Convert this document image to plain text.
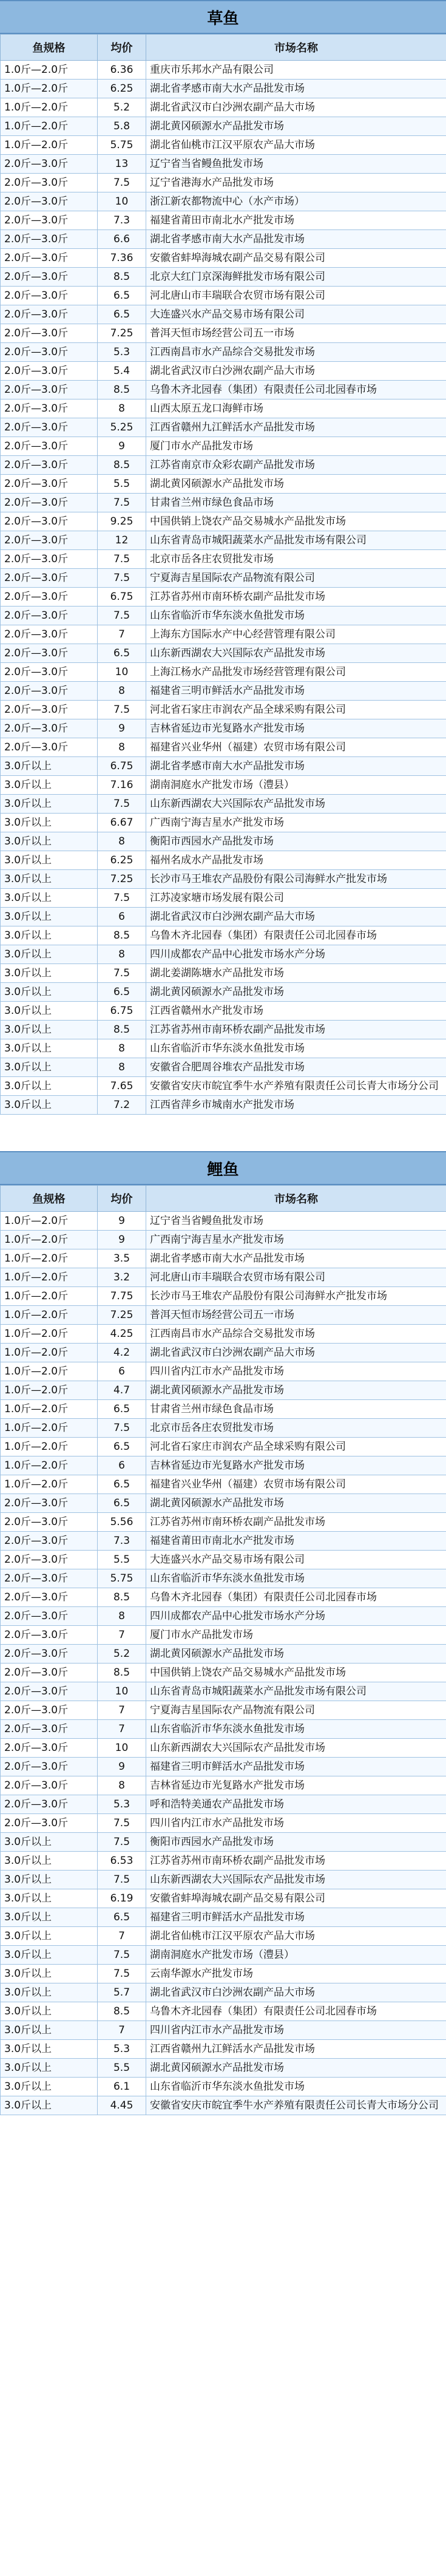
草鱼
鱼规格	均价	市场名称
1.0斤—2.0斤	6.36	重庆市乐邦水产品有限公司
1.0斤—2.0斤	6.25	湖北省孝感市南大水产品批发市场
1.0斤—2.0斤	5.2	湖北省武汉市白沙洲农副产品大市场
1.0斤—2.0斤	5.8	湖北黄冈硕源水产品批发市场
1.0斤—2.0斤	5.75	湖北省仙桃市江汉平原农产品大市场
2.0斤—3.0斤	13	辽宁省当省鳗鱼批发市场
2.0斤—3.0斤	7.5	辽宁省港海水产品批发市场
2.0斤—3.0斤	10	浙江新农都物流中心（水产市场）
2.0斤—3.0斤	7.3	福建省莆田市南北水产批发市场
2.0斤—3.0斤	6.6	湖北省孝感市南大水产品批发市场
2.0斤—3.0斤	7.36	安徽省蚌埠海城农副产品交易有限公司
2.0斤—3.0斤	8.5	北京大红门京深海鲜批发市场有限公司
2.0斤—3.0斤	6.5	河北唐山市丰瑞联合农贸市场有限公司
2.0斤—3.0斤	6.5	大连盛兴水产品交易市场有限公司
2.0斤—3.0斤	7.25	普洱天恒市场经营公司五一市场
2.0斤—3.0斤	5.3	江西南昌市水产品综合交易批发市场
2.0斤—3.0斤	5.4	湖北省武汉市白沙洲农副产品大市场
2.0斤—3.0斤	8.5	乌鲁木齐北园春（集团）有限责任公司北园春市场
2.0斤—3.0斤	8	山西太原五龙口海鲜市场
2.0斤—3.0斤	5.25	江西省赣州九江鲜活水产品批发市场
2.0斤—3.0斤	9	厦门市水产品批发市场
2.0斤—3.0斤	8.5	江苏省南京市众彩农副产品批发市场
2.0斤—3.0斤	5.5	湖北黄冈硕源水产品批发市场
2.0斤—3.0斤	7.5	甘肃省兰州市绿色食品市场
2.0斤—3.0斤	9.25	中国供销上饶农产品交易城水产品批发市场
2.0斤—3.0斤	12	山东省青岛市城阳蔬菜水产品批发市场有限公司
2.0斤—3.0斤	7.5	北京市岳各庄农贸批发市场
2.0斤—3.0斤	7.5	宁夏海吉星国际农产品物流有限公司
2.0斤—3.0斤	6.75	江苏省苏州市南环桥农副产品批发市场
2.0斤—3.0斤	7.5	山东省临沂市华东淡水鱼批发市场
2.0斤—3.0斤	7	上海东方国际水产中心经营管理有限公司
2.0斤—3.0斤	6.5	山东新西湖农大兴国际农产品批发市场
2.0斤—3.0斤	10	上海江杨水产品批发市场经营管理有限公司
2.0斤—3.0斤	8	福建省三明市鲜活水产品批发市场
2.0斤—3.0斤	7.5	河北省石家庄市润农产品全球采购有限公司
2.0斤—3.0斤	9	吉林省延边市光复路水产批发市场
2.0斤—3.0斤	8	福建省兴业华州（福建）农贸市场有限公司
3.0斤以上	6.75	湖北省孝感市南大水产品批发市场
3.0斤以上	7.16	湖南洞庭水产批发市场（澧县）
3.0斤以上	7.5	山东新西湖农大兴国际农产品批发市场
3.0斤以上	6.67	广西南宁海吉星水产批发市场
3.0斤以上	8	衡阳市西园水产品批发市场
3.0斤以上	6.25	福州名成水产品批发市场
3.0斤以上	7.25	长沙市马王堆农产品股份有限公司海鲜水产批发市场
3.0斤以上	7.5	江苏凌家塘市场发展有限公司
3.0斤以上	6	湖北省武汉市白沙洲农副产品大市场
3.0斤以上	8.5	乌鲁木齐北园春（集团）有限责任公司北园春市场
3.0斤以上	8	四川成都农产品中心批发市场水产分场
3.0斤以上	7.5	湖北姜湖陈塘水产品批发市场
3.0斤以上	6.5	湖北黄冈硕源水产品批发市场
3.0斤以上	6.75	江西省赣州水产批发市场
3.0斤以上	8.5	江苏省苏州市南环桥农副产品批发市场
3.0斤以上	8	山东省临沂市华东淡水鱼批发市场
3.0斤以上	8	安徽省合肥周谷堆农产品批发市场
3.0斤以上	7.65	安徽省安庆市皖宜季牛水产养殖有限责任公司长青大市场分公司
3.0斤以上	7.2	江西省萍乡市城南水产批发市场
鲤鱼
鱼规格	均价	市场名称
1.0斤—2.0斤	9	辽宁省当省鳗鱼批发市场
1.0斤—2.0斤	9	广西南宁海吉星水产批发市场
1.0斤—2.0斤	3.5	湖北省孝感市南大水产品批发市场
1.0斤—2.0斤	3.2	河北唐山市丰瑞联合农贸市场有限公司
1.0斤—2.0斤	7.75	长沙市马王堆农产品股份有限公司海鲜水产批发市场
1.0斤—2.0斤	7.25	普洱天恒市场经营公司五一市场
1.0斤—2.0斤	4.25	江西南昌市水产品综合交易批发市场
1.0斤—2.0斤	4.2	湖北省武汉市白沙洲农副产品大市场
1.0斤—2.0斤	6	四川省内江市水产品批发市场
1.0斤—2.0斤	4.7	湖北黄冈硕源水产品批发市场
1.0斤—2.0斤	6.5	甘肃省兰州市绿色食品市场
1.0斤—2.0斤	7.5	北京市岳各庄农贸批发市场
1.0斤—2.0斤	6.5	河北省石家庄市润农产品全球采购有限公司
1.0斤—2.0斤	6	吉林省延边市光复路水产批发市场
1.0斤—2.0斤	6.5	福建省兴业华州（福建）农贸市场有限公司
2.0斤—3.0斤	6.5	湖北黄冈硕源水产品批发市场
2.0斤—3.0斤	5.56	江苏省苏州市南环桥农副产品批发市场
2.0斤—3.0斤	7.3	福建省莆田市南北水产批发市场
2.0斤—3.0斤	5.5	大连盛兴水产品交易市场有限公司
2.0斤—3.0斤	5.75	山东省临沂市华东淡水鱼批发市场
2.0斤—3.0斤	8.5	乌鲁木齐北园春（集团）有限责任公司北园春市场
2.0斤—3.0斤	8	四川成都农产品中心批发市场水产分场
2.0斤—3.0斤	7	厦门市水产品批发市场
2.0斤—3.0斤	5.2	湖北黄冈硕源水产品批发市场
2.0斤—3.0斤	8.5	中国供销上饶农产品交易城水产品批发市场
2.0斤—3.0斤	10	山东省青岛市城阳蔬菜水产品批发市场有限公司
2.0斤—3.0斤	7	宁夏海吉星国际农产品物流有限公司
2.0斤—3.0斤	7	山东省临沂市华东淡水鱼批发市场
2.0斤—3.0斤	10	山东新西湖农大兴国际农产品批发市场
2.0斤—3.0斤	9	福建省三明市鲜活水产品批发市场
2.0斤—3.0斤	8	吉林省延边市光复路水产批发市场
2.0斤—3.0斤	5.3	呼和浩特美通农产品批发市场
2.0斤—3.0斤	7.5	四川省内江市水产品批发市场
3.0斤以上	7.5	衡阳市西园水产品批发市场
3.0斤以上	6.53	江苏省苏州市南环桥农副产品批发市场
3.0斤以上	7.5	山东新西湖农大兴国际农产品批发市场
3.0斤以上	6.19	安徽省蚌埠海城农副产品交易有限公司
3.0斤以上	6.5	福建省三明市鲜活水产品批发市场
3.0斤以上	7	湖北省仙桃市江汉平原农产品大市场
3.0斤以上	7.5	湖南洞庭水产批发市场（澧县）
3.0斤以上	7.5	云南华源水产批发市场
3.0斤以上	5.7	湖北省武汉市白沙洲农副产品大市场
3.0斤以上	8.5	乌鲁木齐北园春（集团）有限责任公司北园春市场
3.0斤以上	7	四川省内江市水产品批发市场
3.0斤以上	5.3	江西省赣州九江鲜活水产品批发市场
3.0斤以上	5.5	湖北黄冈硕源水产品批发市场
3.0斤以上	6.1	山东省临沂市华东淡水鱼批发市场
3.0斤以上	4.45	安徽省安庆市皖宜季牛水产养殖有限责任公司长青大市场分公司
